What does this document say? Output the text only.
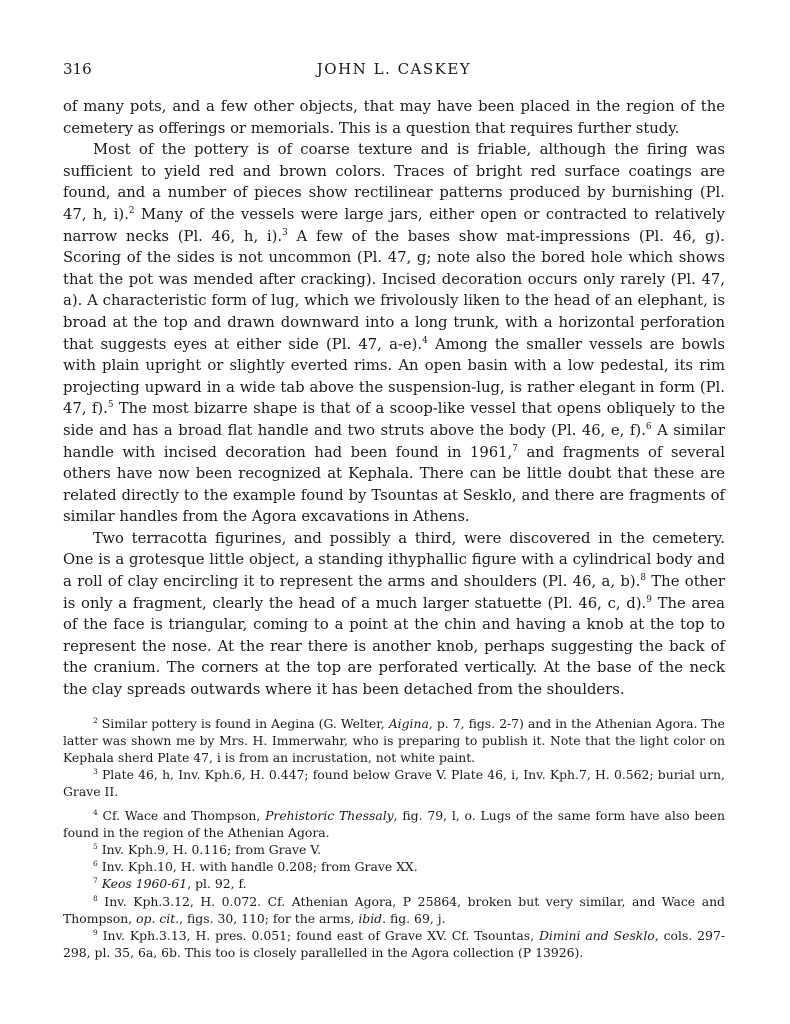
316	JOHN L. CASKEY

of many pots, and a few other objects, that may have been placed in the region of the cemetery as offerings or memorials. This is a question that requires further study.

Most of the pottery is of coarse texture and is friable, although the firing was sufficient to yield red and brown colors. Traces of bright red surface coatings are found, and a number of pieces show rectilinear patterns produced by burnishing (Pl. 47, h, i).$^2$ Many of the vessels were large jars, either open or contracted to relatively narrow necks (Pl. 46, h, i).$^3$ A few of the bases show mat-impressions (Pl. 46, g). Scoring of the sides is not uncommon (Pl. 47, g; note also the bored hole which shows that the pot was mended after cracking). Incised decoration occurs only rarely (Pl. 47, a). A characteristic form of lug, which we frivolously liken to the head of an elephant, is broad at the top and drawn downward into a long trunk, with a horizontal perforation that suggests eyes at either side (Pl. 47, a-e).$^4$ Among the smaller vessels are bowls with plain upright or slightly everted rims. An open basin with a low pedestal, its rim projecting upward in a wide tab above the suspension-lug, is rather elegant in form (Pl. 47, f).$^5$ The most bizarre shape is that of a scoop-like vessel that opens obliquely to the side and has a broad flat handle and two struts above the body (Pl. 46, e, f).$^6$ A similar handle with incised decoration had been found in 1961,$^7$ and fragments of several others have now been recognized at Kephala. There can be little doubt that these are related directly to the example found by Tsountas at Sesklo, and there are fragments of similar handles from the Agora excavations in Athens.

Two terracotta figurines, and possibly a third, were discovered in the cemetery. One is a grotesque little object, a standing ithyphallic figure with a cylindrical body and a roll of clay encircling it to represent the arms and shoulders (Pl. 46, a, b).$^8$ The other is only a fragment, clearly the head of a much larger statuette (Pl. 46, c, d).$^9$ The area of the face is triangular, coming to a point at the chin and having a knob at the top to represent the nose. At the rear there is another knob, perhaps suggesting the back of the cranium. The corners at the top are perforated vertically. At the base of the neck the clay spreads outwards where it has been detached from the shoulders.

$^2$ Similar pottery is found in Aegina (G. Welter, Aigina, p. 7, figs. 2-7) and in the Athenian Agora. The latter was shown me by Mrs. H. Immerwahr, who is preparing to publish it. Note that the light color on Kephala sherd Plate 47, i is from an incrustation, not white paint.

$^3$ Plate 46, h, Inv. Kph.6, H. 0.447; found below Grave V. Plate 46, i, Inv. Kph.7, H. 0.562; burial urn, Grave II.

$^4$ Cf. Wace and Thompson, Prehistoric Thessaly, fig. 79, l, o. Lugs of the same form have also been found in the region of the Athenian Agora.

$^5$ Inv. Kph.9, H. 0.116; from Grave V.

$^6$ Inv. Kph.10, H. with handle 0.208; from Grave XX.

$^7$ Keos 1960-61, pl. 92, f.

$^8$ Inv. Kph.3.12, H. 0.072. Cf. Athenian Agora, P 25864, broken but very similar, and Wace and Thompson, op. cit., figs. 30, 110; for the arms, ibid. fig. 69, j.

$^9$ Inv. Kph.3.13, H. pres. 0.051; found east of Grave XV. Cf. Tsountas, Dimini and Sesklo, cols. 297-298, pl. 35, 6a, 6b. This too is closely parallelled in the Agora collection (P 13926).
